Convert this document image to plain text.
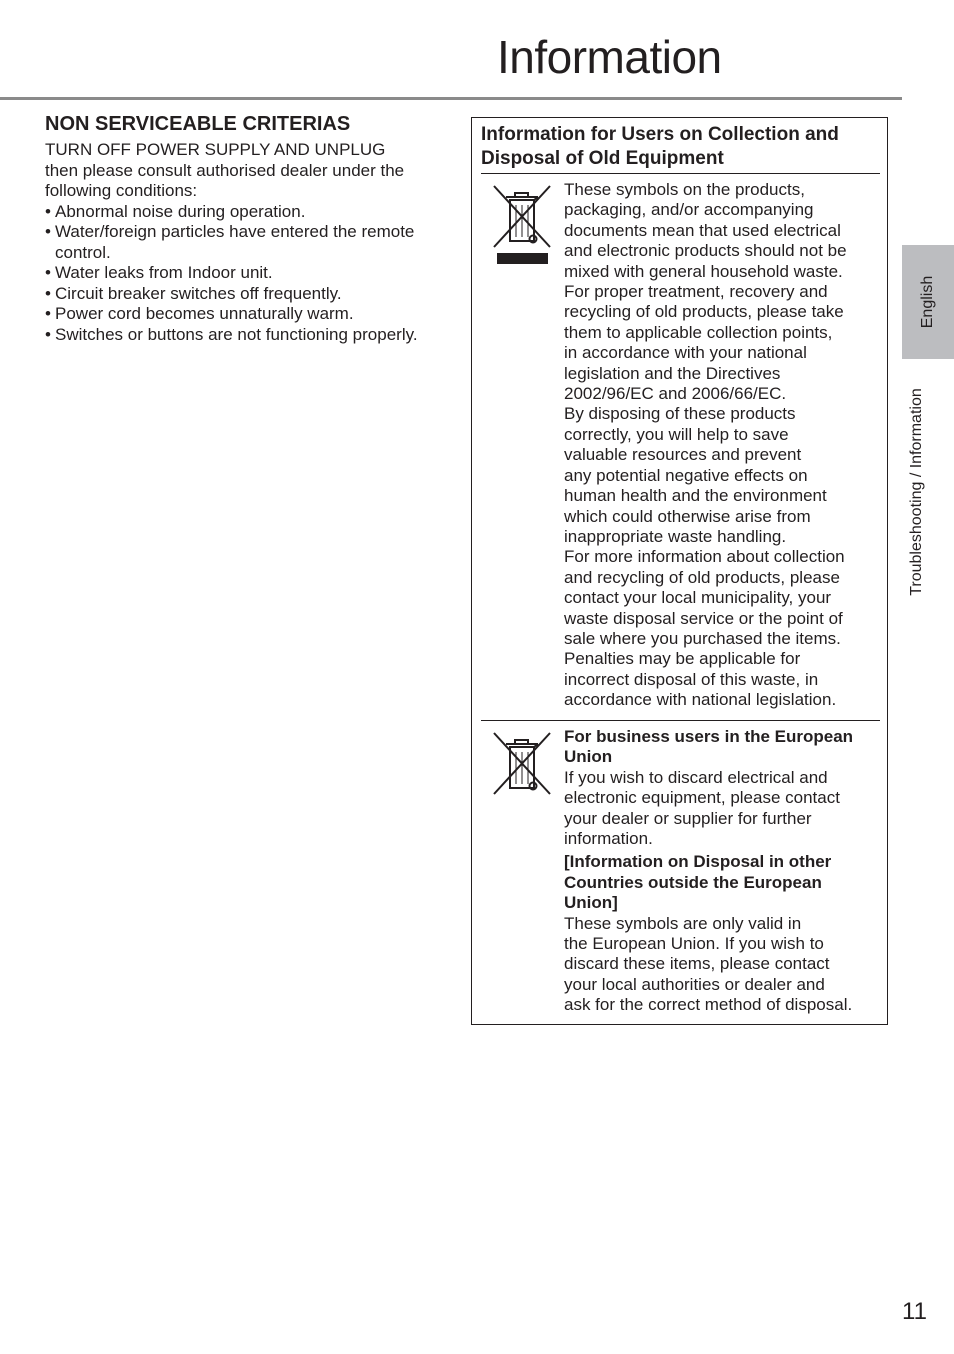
Information
NON SERVICEABLE CRITERIAS
TURN OFF POWER SUPPLY AND UNPLUG
then please consult authorised dealer under the
following conditions:
• Abnormal noise during operation.
• Water/foreign particles have entered the remote
control.
• Water leaks from Indoor unit.
• Circuit breaker switches off frequently.
• Power cord becomes unnaturally warm.
• Switches or buttons are not functioning properly.
Information for Users on Collection and
Disposal of Old Equipment
These symbols on the products,
packaging, and/or accompanying
documents mean that used electrical
and electronic products should not be
mixed with general household waste.
For proper treatment, recovery and
recycling of old products, please take
them to applicable collection points,
in accordance with your national
legislation and the Directives
2002/96/EC and 2006/66/EC.
By disposing of these products
correctly, you will help to save
valuable resources and prevent
any potential negative effects on
human health and the environment
which could otherwise arise from
inappropriate waste handling.
For more information about collection
and recycling of old products, please
contact your local municipality, your
waste disposal service or the point of
sale where you purchased the items.
Penalties may be applicable for
incorrect disposal of this waste, in
accordance with national legislation.
For business users in the European
Union
If you wish to discard electrical and
electronic equipment, please contact
your dealer or supplier for further
information.
[Information on Disposal in other
Countries outside the European
Union]
These symbols are only valid in
the European Union. If you wish to
discard these items, please contact
your local authorities or dealer and
ask for the correct method of disposal.
English
Troubleshooting / Information
11
